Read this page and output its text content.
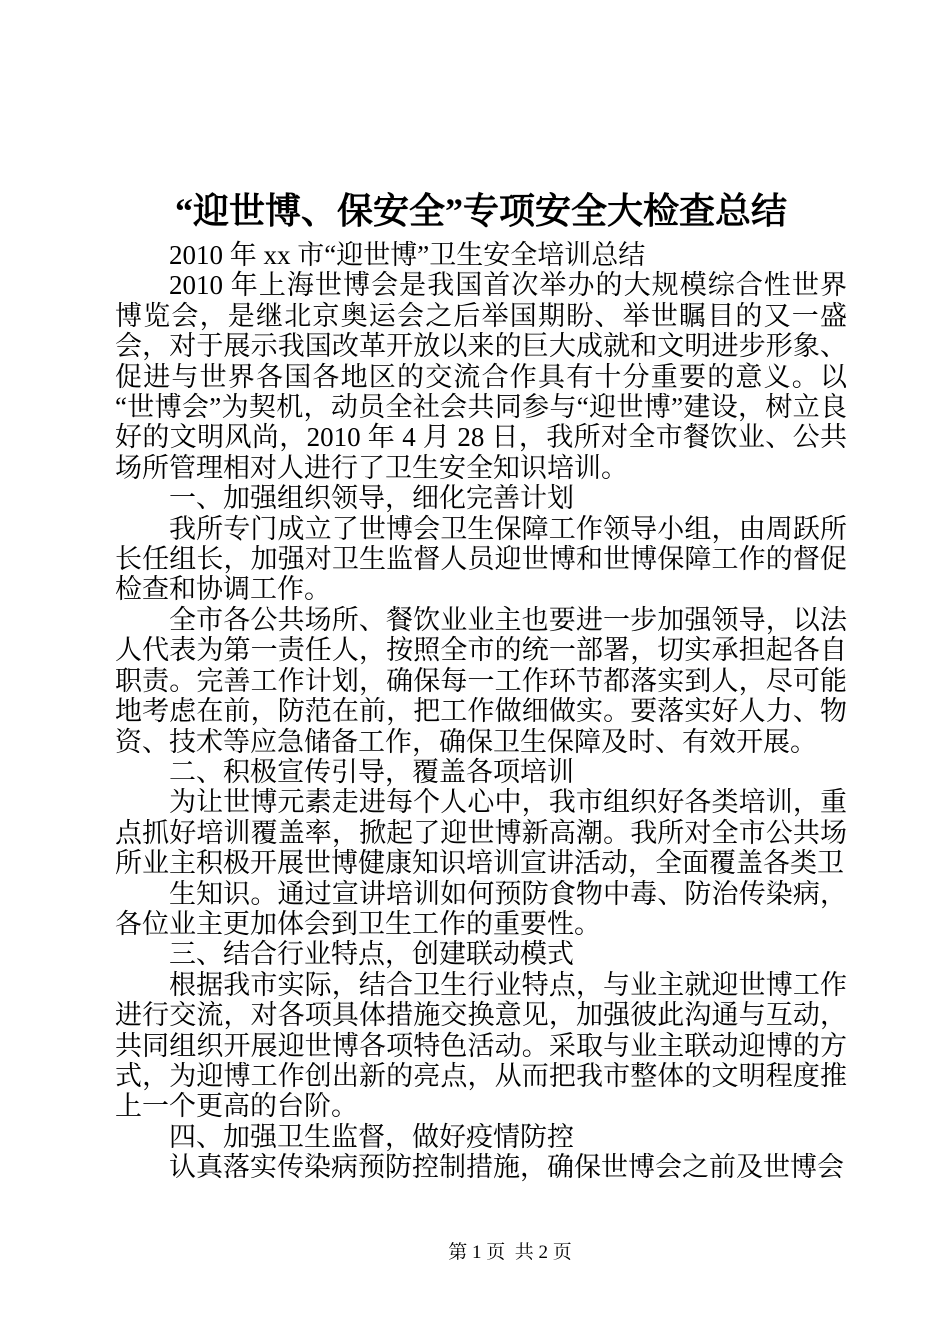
“迎世博、保安全”专项安全大检查总结

2010 年 xx 市“迎世博”卫生安全培训总结

2010 年上海世博会是我国首次举办的大规模综合性世界博览会，是继北京奥运会之后举国期盼、举世瞩目的又一盛会，对于展示我国改革开放以来的巨大成就和文明进步形象、促进与世界各国各地区的交流合作具有十分重要的意义。以“世博会”为契机，动员全社会共同参与“迎世博”建设，树立良好的文明风尚，2010 年 4 月 28 日，我所对全市餐饮业、公共场所管理相对人进行了卫生安全知识培训。

一、加强组织领导，细化完善计划

我所专门成立了世博会卫生保障工作领导小组，由周跃所长任组长，加强对卫生监督人员迎世博和世博保障工作的督促检查和协调工作。

全市各公共场所、餐饮业业主也要进一步加强领导，以法人代表为第一责任人，按照全市的统一部署，切实承担起各自职责。完善工作计划，确保每一工作环节都落实到人，尽可能地考虑在前，防范在前，把工作做细做实。要落实好人力、物资、技术等应急储备工作，确保卫生保障及时、有效开展。

二、积极宣传引导，覆盖各项培训

为让世博元素走进每个人心中，我市组织好各类培训，重点抓好培训覆盖率，掀起了迎世博新高潮。我所对全市公共场所业主积极开展世博健康知识培训宣讲活动，全面覆盖各类卫

生知识。通过宣讲培训如何预防食物中毒、防治传染病，各位业主更加体会到卫生工作的重要性。

三、结合行业特点，创建联动模式

根据我市实际，结合卫生行业特点，与业主就迎世博工作进行交流，对各项具体措施交换意见，加强彼此沟通与互动，共同组织开展迎世博各项特色活动。采取与业主联动迎博的方式，为迎博工作创出新的亮点，从而把我市整体的文明程度推上一个更高的台阶。

四、加强卫生监督，做好疫情防控

认真落实传染病预防控制措施，确保世博会之前及世博会

第 1 页  共 2 页
